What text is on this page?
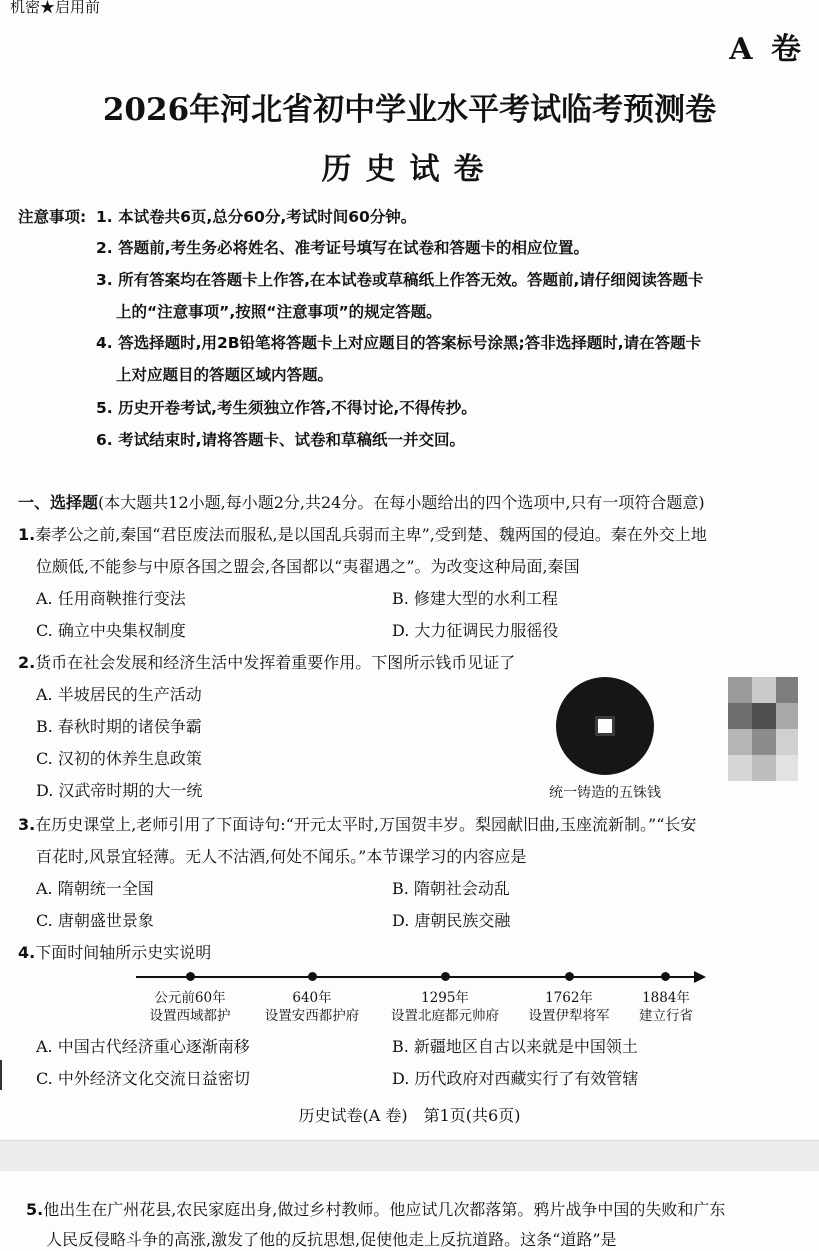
机密★启用前
A 卷
2026年河北省初中学业水平考试临考预测卷
历史试卷
注意事项: 1. 本试卷共6页,总分60分,考试时间60分钟。
2. 答题前,考生务必将姓名、准考证号填写在试卷和答题卡的相应位置。
3. 所有答案均在答题卡上作答,在本试卷或草稿纸上作答无效。答题前,请仔细阅读答题卡
上的“注意事项”,按照“注意事项”的规定答题。
4. 答选择题时,用2B铅笔将答题卡上对应题目的答案标号涂黑;答非选择题时,请在答题卡
上对应题目的答题区域内答题。
5. 历史开卷考试,考生须独立作答,不得讨论,不得传抄。
6. 考试结束时,请将答题卡、试卷和草稿纸一并交回。
一、选择题(本大题共12小题,每小题2分,共24分。在每小题给出的四个选项中,只有一项符合题意)
1.秦孝公之前,秦国“君臣废法而服私,是以国乱兵弱而主卑”,受到楚、魏两国的侵迫。秦在外交上地
位颇低,不能参与中原各国之盟会,各国都以“夷翟遇之”。为改变这种局面,秦国
A. 任用商鞅推行变法	B. 修建大型的水利工程
C. 确立中央集权制度	D. 大力征调民力服徭役
2.货币在社会发展和经济生活中发挥着重要作用。下图所示钱币见证了
A. 半坡居民的生产活动
B. 春秋时期的诸侯争霸
C. 汉初的休养生息政策
D. 汉武帝时期的大一统	统一铸造的五铢钱
3.在历史课堂上,老师引用了下面诗句:“开元太平时,万国贺丰岁。梨园献旧曲,玉座流新制。”“长安
百花时,风景宜轻薄。无人不沽酒,何处不闻乐。”本节课学习的内容应是
A. 隋朝统一全国	B. 隋朝社会动乱
C. 唐朝盛世景象	D. 唐朝民族交融
4.下面时间轴所示史实说明
公元前60年
设置西域都护
640年
设置安西都护府
1295年
设置北庭都元帅府
1762年
设置伊犁将军
1884年
建立行省
A. 中国古代经济重心逐渐南移	B. 新疆地区自古以来就是中国领土
C. 中外经济文化交流日益密切	D. 历代政府对西藏实行了有效管辖
历史试卷(A 卷)　第1页(共6页)
5.他出生在广州花县,农民家庭出身,做过乡村教师。他应试几次都落第。鸦片战争中国的失败和广东
人民反侵略斗争的高涨,激发了他的反抗思想,促使他走上反抗道路。这条“道路”是
